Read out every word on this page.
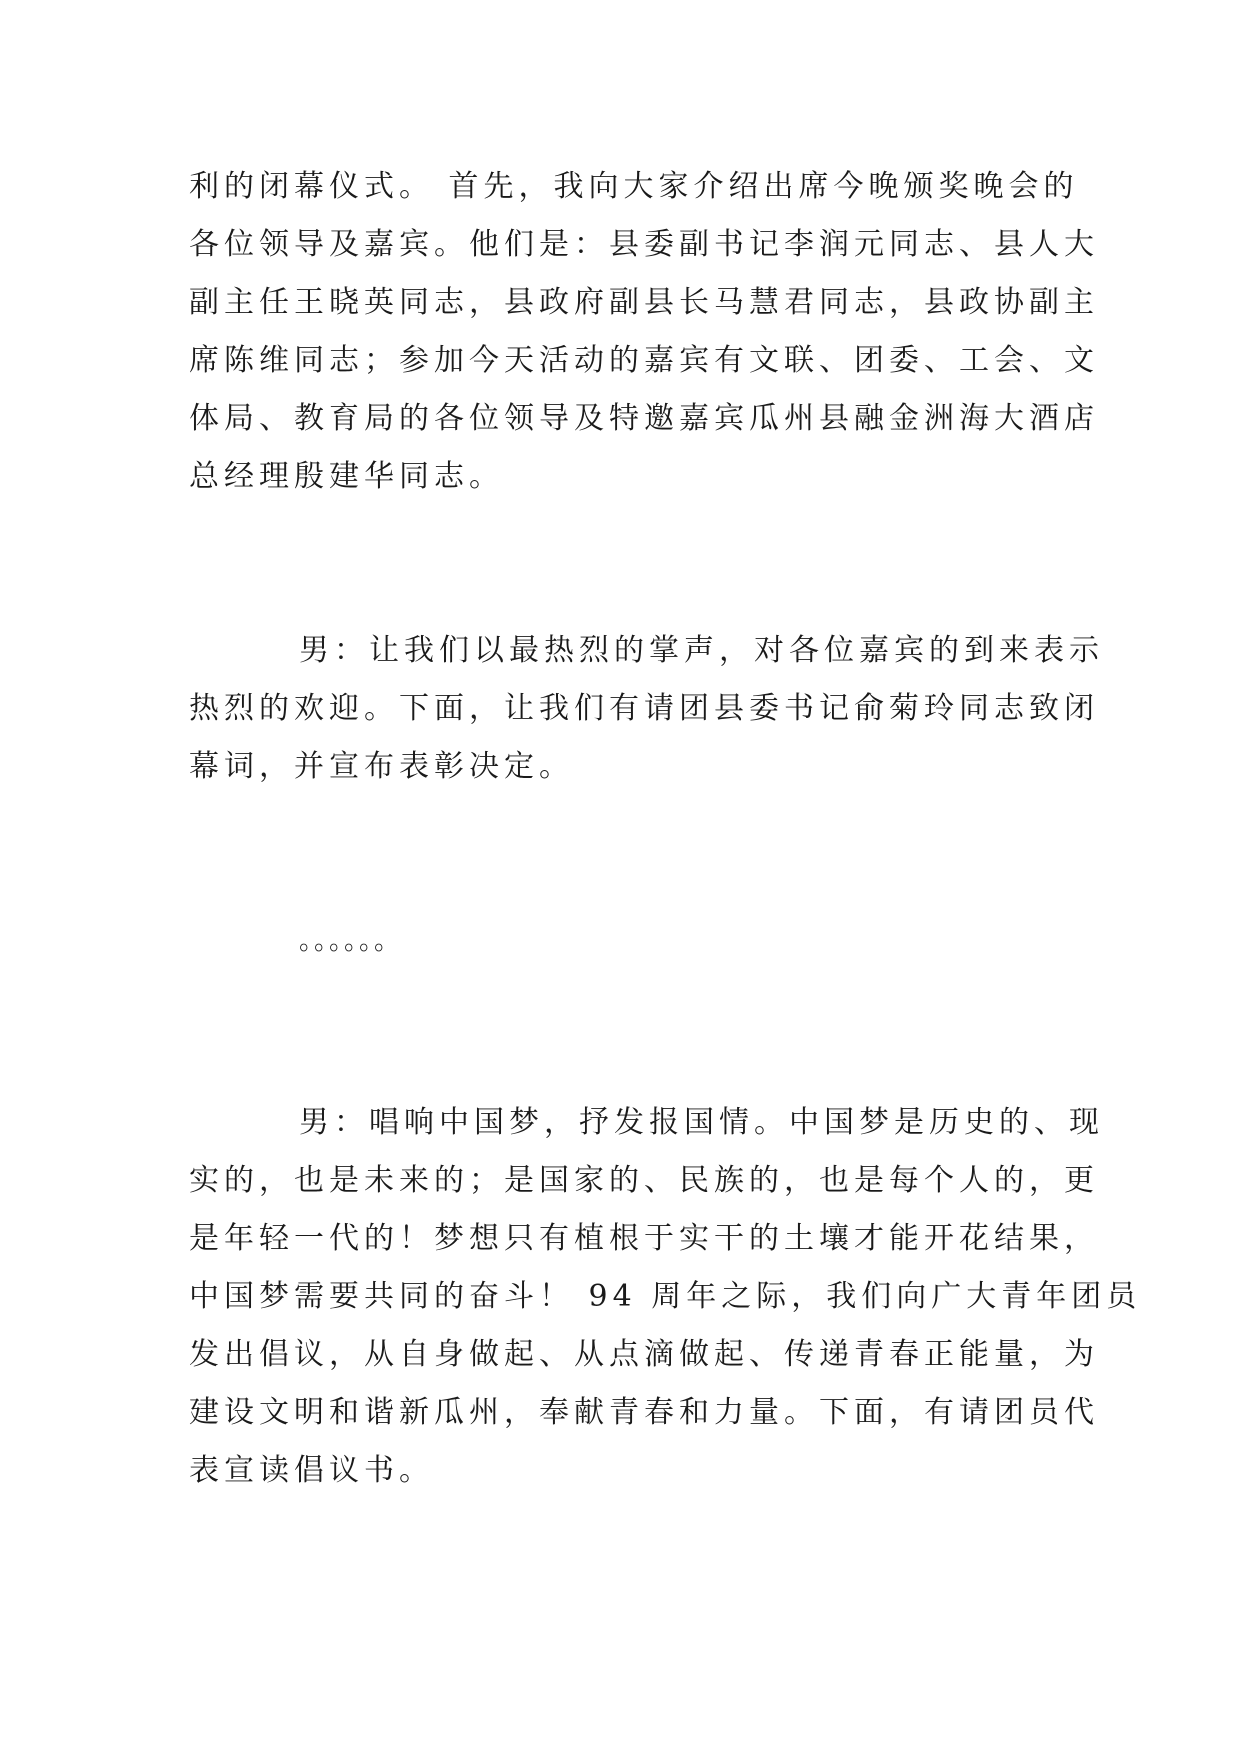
利的闭幕仪式。 首先，我向大家介绍出席今晚颁奖晚会的
各位领导及嘉宾。他们是：县委副书记李润元同志、县人大
副主任王晓英同志，县政府副县长马慧君同志，县政协副主
席陈维同志；参加今天活动的嘉宾有文联、团委、工会、文
体局、教育局的各位领导及特邀嘉宾瓜州县融金洲海大酒店
总经理殷建华同志。

男：让我们以最热烈的掌声，对各位嘉宾的到来表示
热烈的欢迎。下面，让我们有请团县委书记俞菊玲同志致闭
幕词，并宣布表彰决定。

。。。。。。

男：唱响中国梦，抒发报国情。中国梦是历史的、现
实的，也是未来的；是国家的、民族的，也是每个人的，更
是年轻一代的！梦想只有植根于实干的土壤才能开花结果，
中国梦需要共同的奋斗！ 94 周年之际，我们向广大青年团员
发出倡议，从自身做起、从点滴做起、传递青春正能量，为
建设文明和谐新瓜州，奉献青春和力量。下面，有请团员代
表宣读倡议书。
